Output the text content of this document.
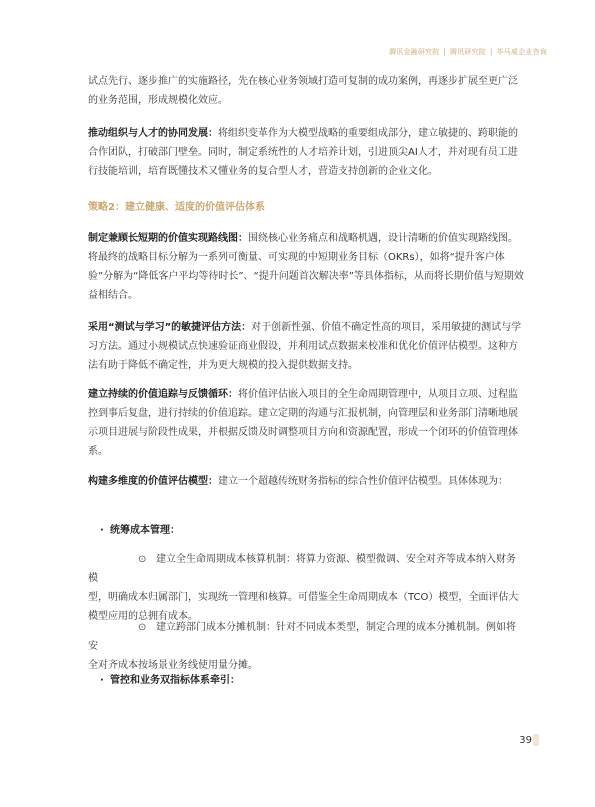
腾讯金融研究院 | 腾讯研究院 | 毕马威企业咨询
试点先行、逐步推广的实施路径，先在核心业务领域打造可复制的成功案例，再逐步扩展至更广泛的业务范围，形成规模化效应。
推动组织与人才的协同发展：将组织变革作为大模型战略的重要组成部分，建立敏捷的、跨职能的合作团队，打破部门壁垒。同时，制定系统性的人才培养计划，引进顶尖AI人才，并对现有员工进行技能培训，培育既懂技术又懂业务的复合型人才，营造支持创新的企业文化。
策略2：建立健康、适度的价值评估体系
制定兼顾长短期的价值实现路线图：围绕核心业务痛点和战略机遇，设计清晰的价值实现路线图。将最终的战略目标分解为一系列可衡量、可实现的中短期业务目标（OKRs），如将“提升客户体验”分解为“降低客户平均等待时长”、“提升问题首次解决率”等具体指标，从而将长期价值与短期效益相结合。
采用“测试与学习”的敏捷评估方法：对于创新性强、价值不确定性高的项目，采用敏捷的测试与学习方法。通过小规模试点快速验证商业假设，并利用试点数据来校准和优化价值评估模型。这种方法有助于降低不确定性，并为更大规模的投入提供数据支持。
建立持续的价值追踪与反馈循环：将价值评估嵌入项目的全生命周期管理中，从项目立项、过程监控到事后复盘，进行持续的价值追踪。建立定期的沟通与汇报机制，向管理层和业务部门清晰地展示项目进展与阶段性成果，并根据反馈及时调整项目方向和资源配置，形成一个闭环的价值管理体系。
构建多维度的价值评估模型：建立一个超越传统财务指标的综合性价值评估模型。具体体现为：
· 统筹成本管理：
⊙ 建立全生命周期成本核算机制：将算力资源、模型微调、安全对齐等成本纳入财务模
型，明确成本归属部门，实现统一管理和核算。可借鉴全生命周期成本（TCO）模型，全面评估大模型应用的总拥有成本。
⊙ 建立跨部门成本分摊机制：针对不同成本类型，制定合理的成本分摊机制。例如将安
全对齐成本按场景业务线使用量分摊。
· 管控和业务双指标体系牵引：
39
